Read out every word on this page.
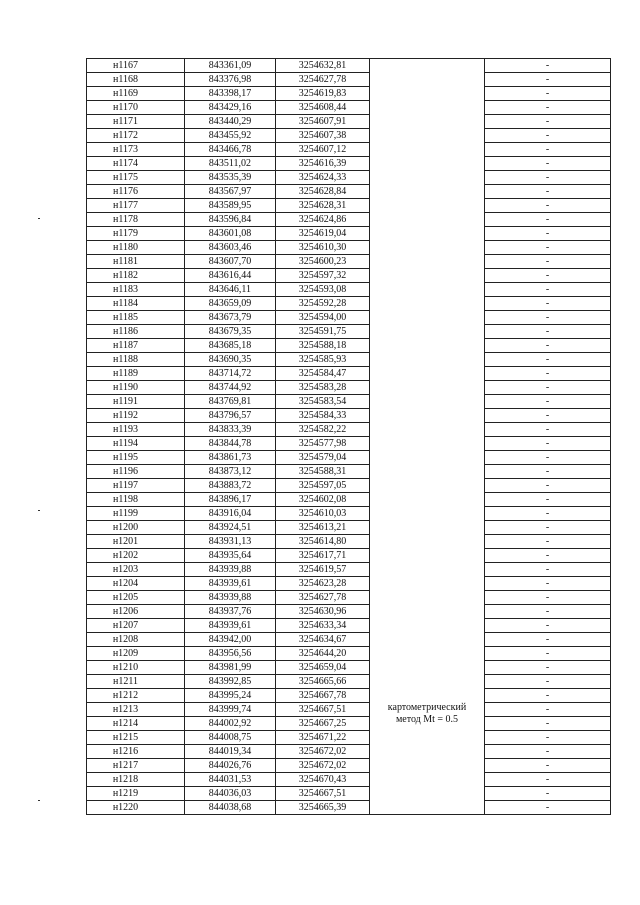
н1167	843361,09	3254632,81	картометрический
метод Mt = 0.5	-
н1168	843376,98	3254627,78		-
н1169	843398,17	3254619,83		-
н1170	843429,16	3254608,44		-
н1171	843440,29	3254607,91		-
н1172	843455,92	3254607,38		-
н1173	843466,78	3254607,12		-
н1174	843511,02	3254616,39		-
н1175	843535,39	3254624,33		-
н1176	843567,97	3254628,84		-
н1177	843589,95	3254628,31		-
н1178	843596,84	3254624,86		-
н1179	843601,08	3254619,04		-
н1180	843603,46	3254610,30		-
н1181	843607,70	3254600,23		-
н1182	843616,44	3254597,32		-
н1183	843646,11	3254593,08		-
н1184	843659,09	3254592,28		-
н1185	843673,79	3254594,00		-
н1186	843679,35	3254591,75		-
н1187	843685,18	3254588,18		-
н1188	843690,35	3254585,93		-
н1189	843714,72	3254584,47		-
н1190	843744,92	3254583,28		-
н1191	843769,81	3254583,54		-
н1192	843796,57	3254584,33		-
н1193	843833,39	3254582,22		-
н1194	843844,78	3254577,98		-
н1195	843861,73	3254579,04		-
н1196	843873,12	3254588,31		-
н1197	843883,72	3254597,05		-
н1198	843896,17	3254602,08		-
н1199	843916,04	3254610,03		-
н1200	843924,51	3254613,21		-
н1201	843931,13	3254614,80		-
н1202	843935,64	3254617,71		-
н1203	843939,88	3254619,57		-
н1204	843939,61	3254623,28		-
н1205	843939,88	3254627,78		-
н1206	843937,76	3254630,96		-
н1207	843939,61	3254633,34		-
н1208	843942,00	3254634,67		-
н1209	843956,56	3254644,20		-
н1210	843981,99	3254659,04		-
н1211	843992,85	3254665,66		-
н1212	843995,24	3254667,78		-
н1213	843999,74	3254667,51		-
н1214	844002,92	3254667,25		-
н1215	844008,75	3254671,22		-
н1216	844019,34	3254672,02		-
н1217	844026,76	3254672,02		-
н1218	844031,53	3254670,43		-
н1219	844036,03	3254667,51		-
н1220	844038,68	3254665,39		-
